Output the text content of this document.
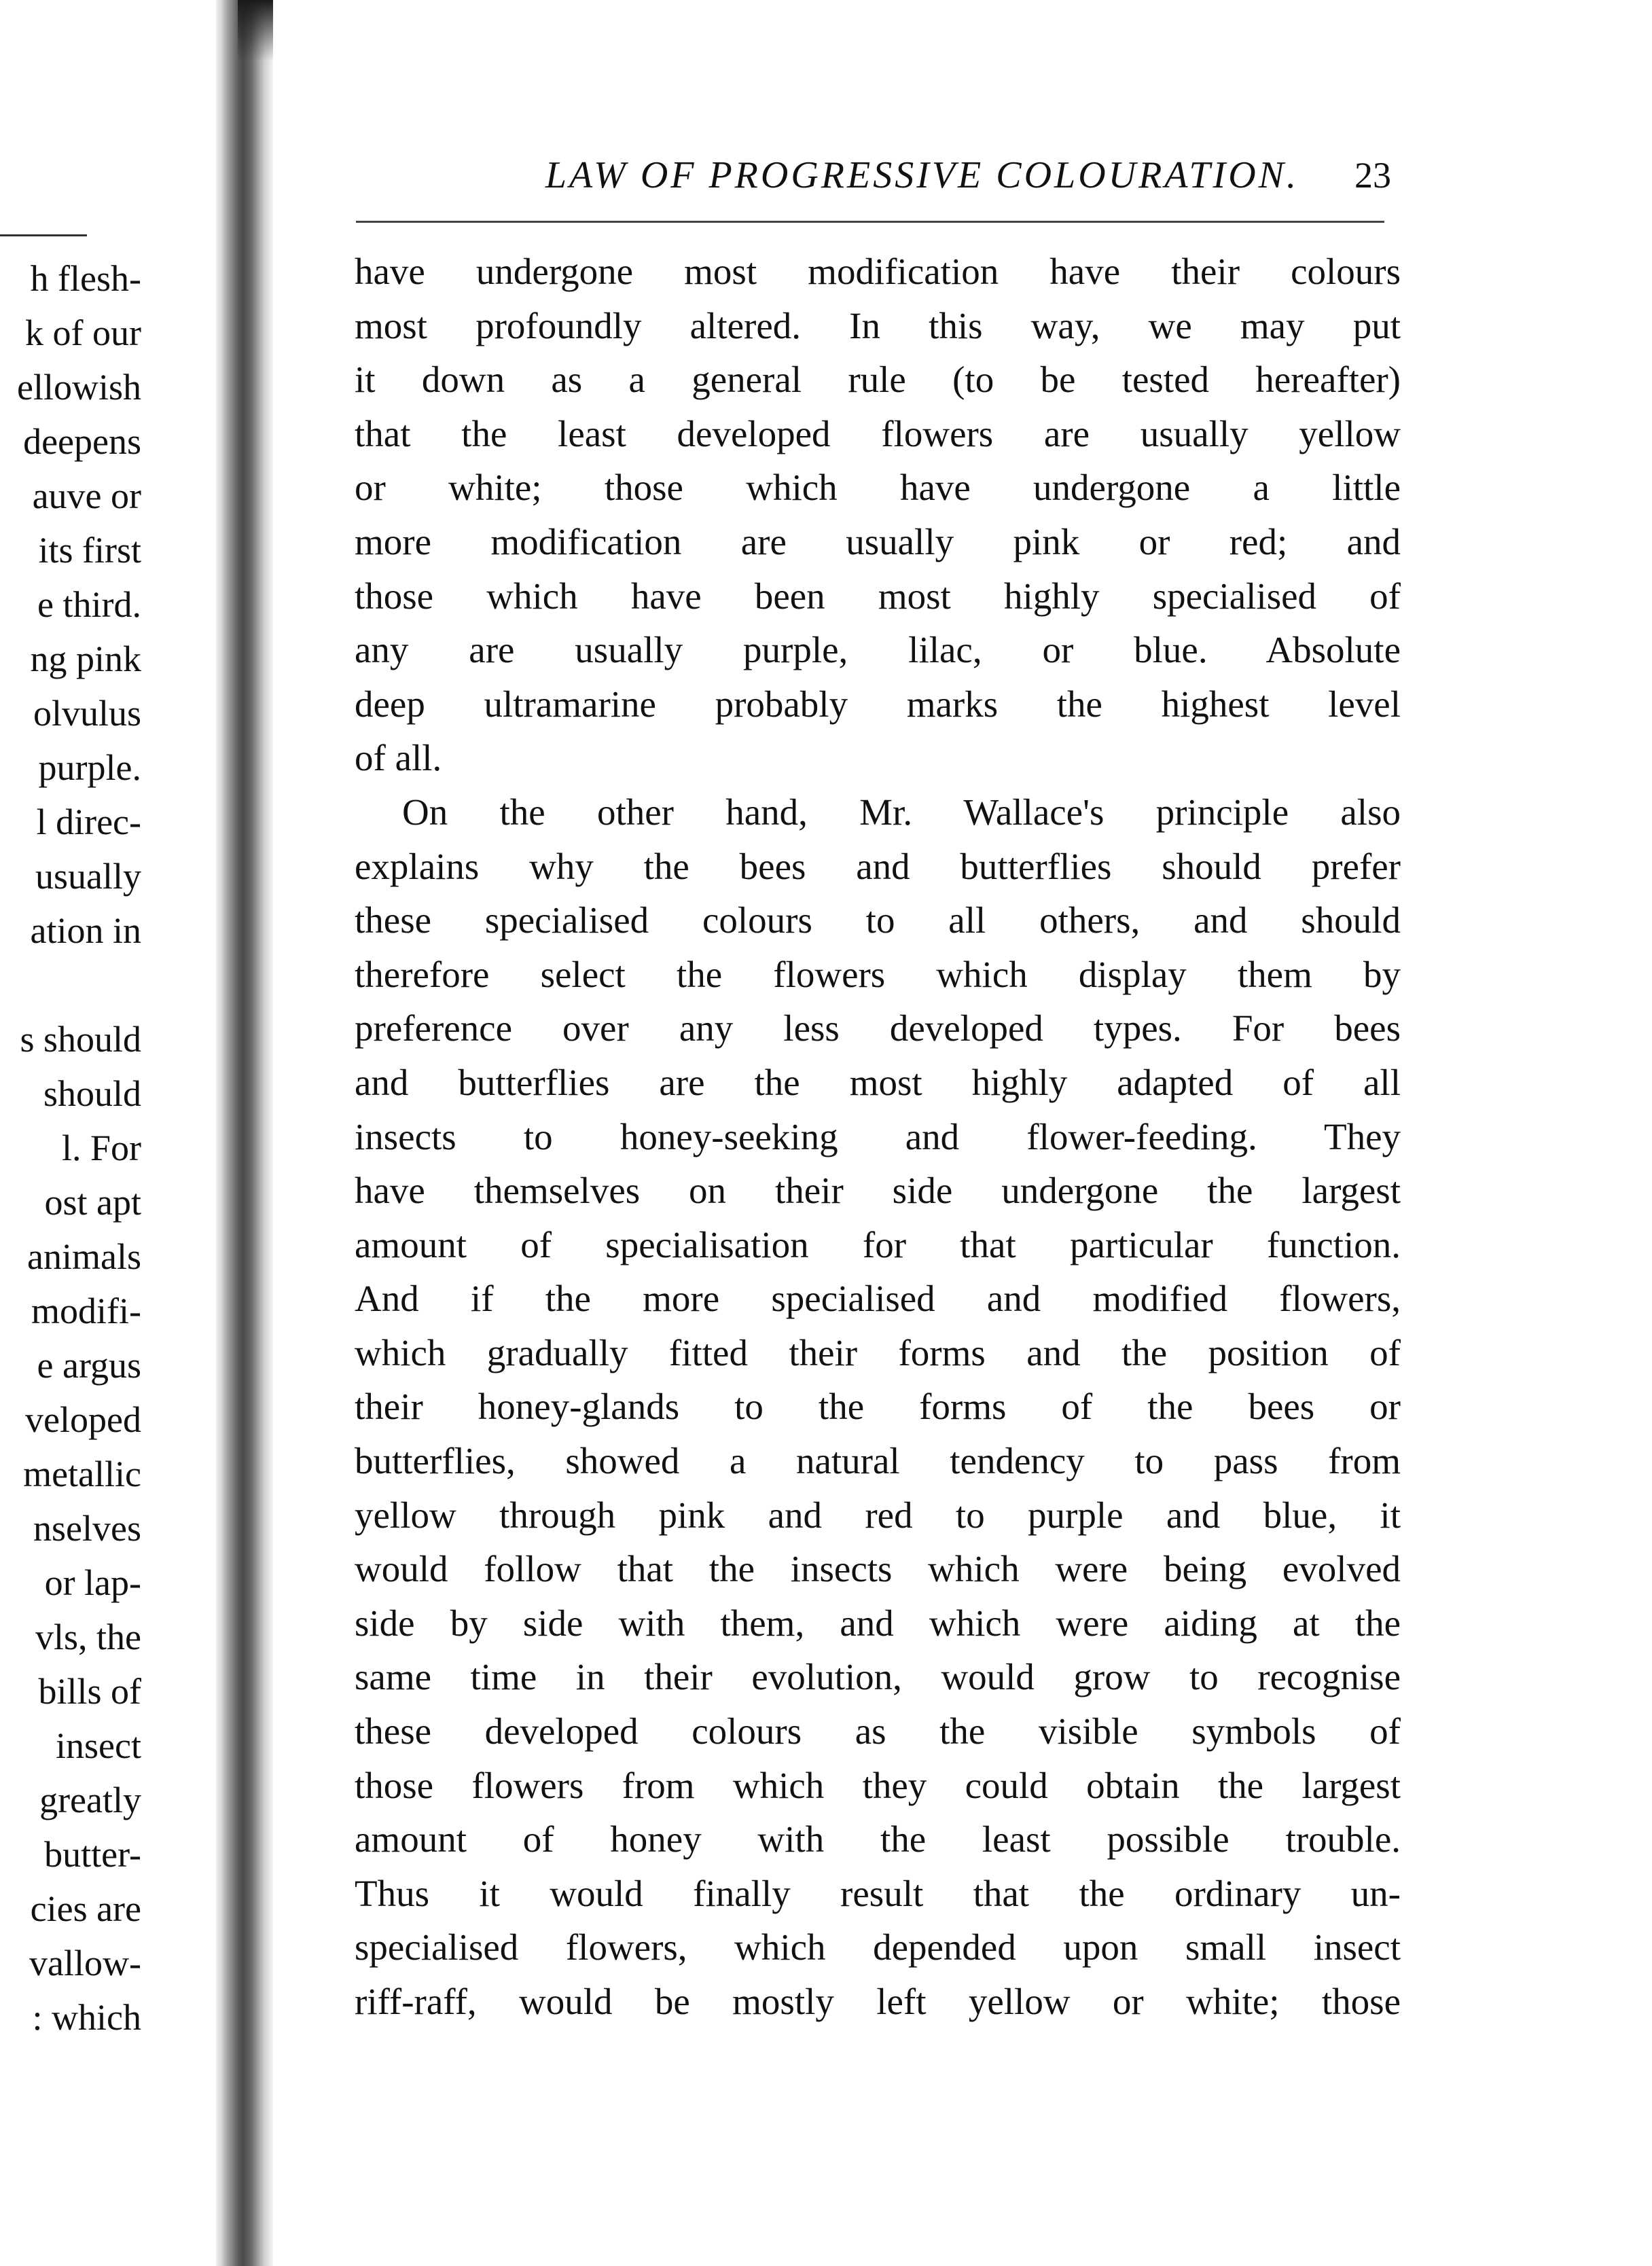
h flesh-
k of our
ellowish
deepens
auve or
its first
e third.
ng pink
olvulus
purple.
l direc-
usually
ation in
s should
should
l. For
ost apt
animals
modifi-
e argus
veloped
metallic
nselves
or lap-
vls, the
bills of
insect
greatly
butter-
cies are
vallow-
: which
LAW OF PROGRESSIVE COLOURATION. 23
have undergone most modification have their colours
most profoundly altered. In this way, we may put
it down as a general rule (to be tested hereafter)
that the least developed flowers are usually yellow
or white; those which have undergone a little
more modification are usually pink or red; and
those which have been most highly specialised of
any are usually purple, lilac, or blue. Absolute
deep ultramarine probably marks the highest level
of all.
On the other hand, Mr. Wallace's principle also
explains why the bees and butterflies should prefer
these specialised colours to all others, and should
therefore select the flowers which display them by
preference over any less developed types. For bees
and butterflies are the most highly adapted of all
insects to honey-seeking and flower-feeding. They
have themselves on their side undergone the largest
amount of specialisation for that particular function.
And if the more specialised and modified flowers,
which gradually fitted their forms and the position of
their honey-glands to the forms of the bees or
butterflies, showed a natural tendency to pass from
yellow through pink and red to purple and blue, it
would follow that the insects which were being evolved
side by side with them, and which were aiding at the
same time in their evolution, would grow to recognise
these developed colours as the visible symbols of
those flowers from which they could obtain the largest
amount of honey with the least possible trouble.
Thus it would finally result that the ordinary un-
specialised flowers, which depended upon small insect
riff-raff, would be mostly left yellow or white; those
